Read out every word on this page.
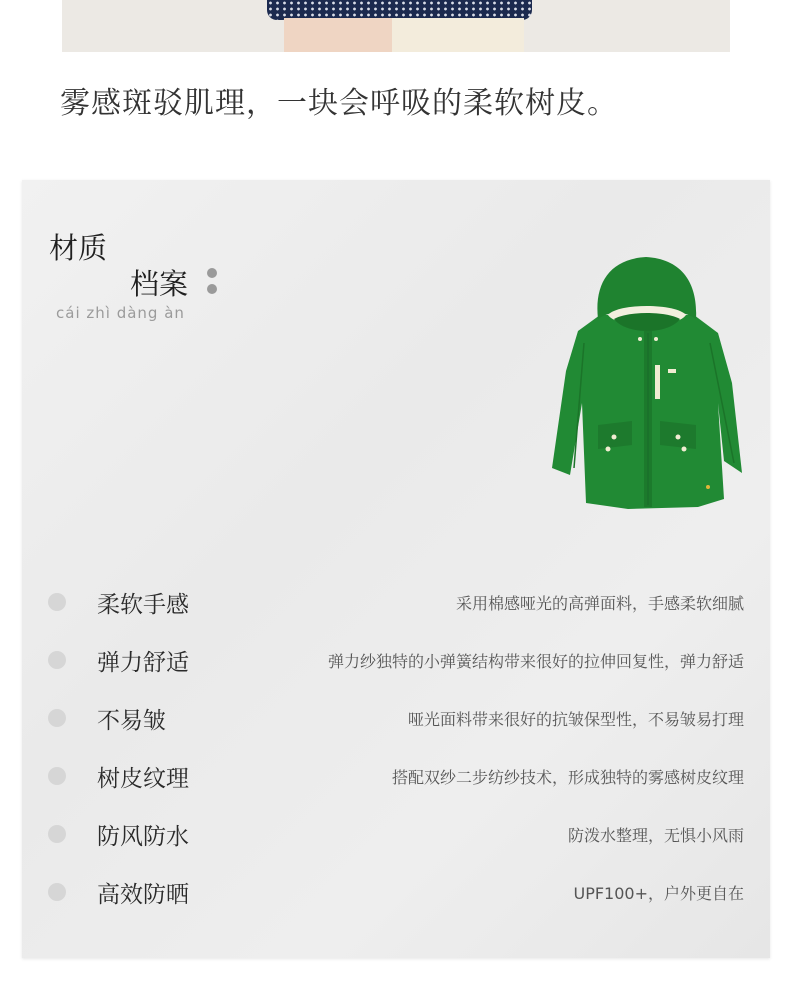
雾感斑驳肌理，一块会呼吸的柔软树皮。
材质
档案
cái zhì dàng àn
柔软手感	采用棉感哑光的高弹面料，手感柔软细腻
弹力舒适	弹力纱独特的小弹簧结构带来很好的拉伸回复性，弹力舒适
不易皱	哑光面料带来很好的抗皱保型性，不易皱易打理
树皮纹理	搭配双纱二步纺纱技术，形成独特的雾感树皮纹理
防风防水	防泼水整理，无惧小风雨
高效防晒	UPF100+，户外更自在
